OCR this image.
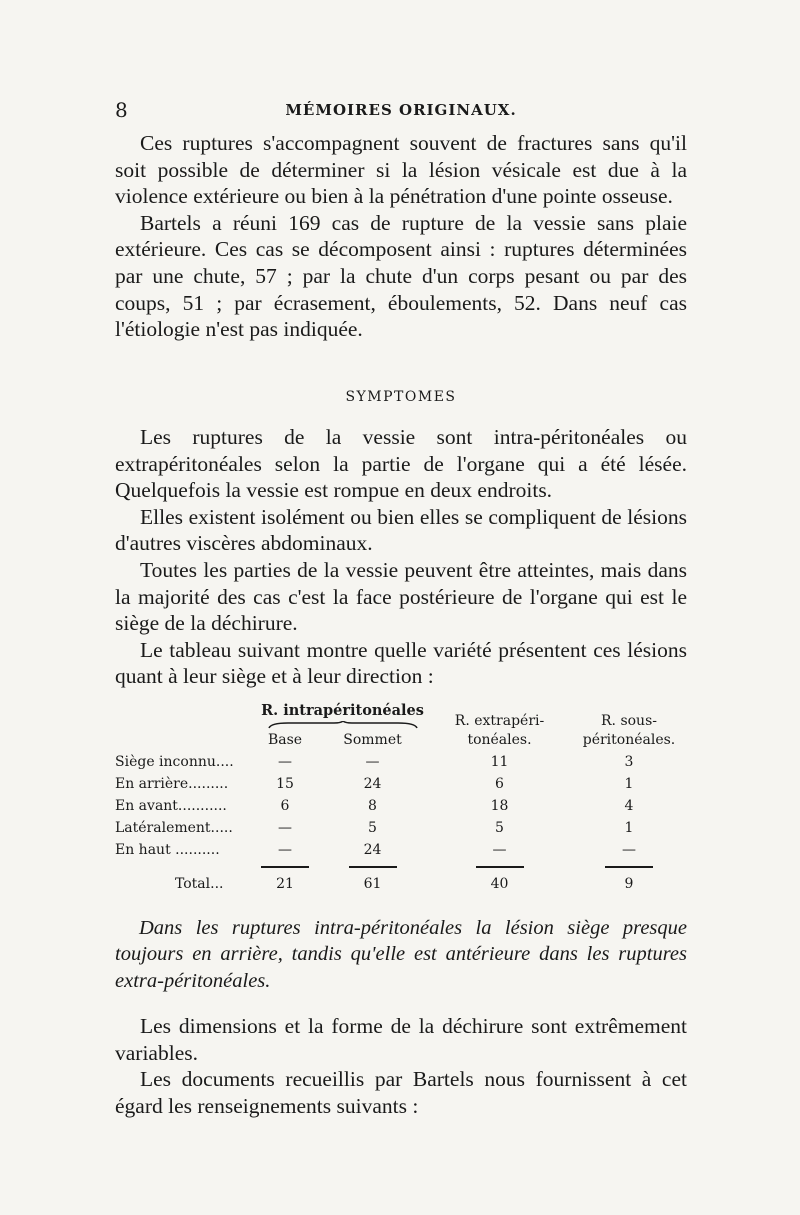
8	MÉMOIRES ORIGINAUX.

Ces ruptures s'accompagnent souvent de fractures sans qu'il soit possible de déterminer si la lésion vésicale est due à la violence extérieure ou bien à la pénétration d'une pointe osseuse.

Bartels a réuni 169 cas de rupture de la vessie sans plaie extérieure. Ces cas se décomposent ainsi : ruptures déterminées par une chute, 57 ; par la chute d'un corps pesant ou par des coups, 51 ; par écrasement, éboulements, 52. Dans neuf cas l'étiologie n'est pas indiquée.

SYMPTOMES

Les ruptures de la vessie sont intra-péritonéales ou extrapéritonéales selon la partie de l'organe qui a été lésée. Quelquefois la vessie est rompue en deux endroits.

Elles existent isolément ou bien elles se compliquent de lésions d'autres viscères abdominaux.

Toutes les parties de la vessie peuvent être atteintes, mais dans la majorité des cas c'est la face postérieure de l'organe qui est le siège de la déchirure.

Le tableau suivant montre quelle variété présentent ces lésions quant à leur siège et à leur direction :

	R. intrapéritonéales		R. extrapéri-	R. sous-
	Base	Sommet	tonéales.	péritonéales.
Siège inconnu....	—	—	11	3
En arrière.........	15	24	6	1
En avant...........	6	8	18	4
Latéralement.....	—	5	5	1
En haut ..........	—	24	—	—

Total...	21	61	40	9

Dans les ruptures intra-péritonéales la lésion siège presque toujours en arrière, tandis qu'elle est antérieure dans les ruptures extra-péritonéales.

Les dimensions et la forme de la déchirure sont extrêmement variables.

Les documents recueillis par Bartels nous fournissent à cet égard les renseignements suivants :
